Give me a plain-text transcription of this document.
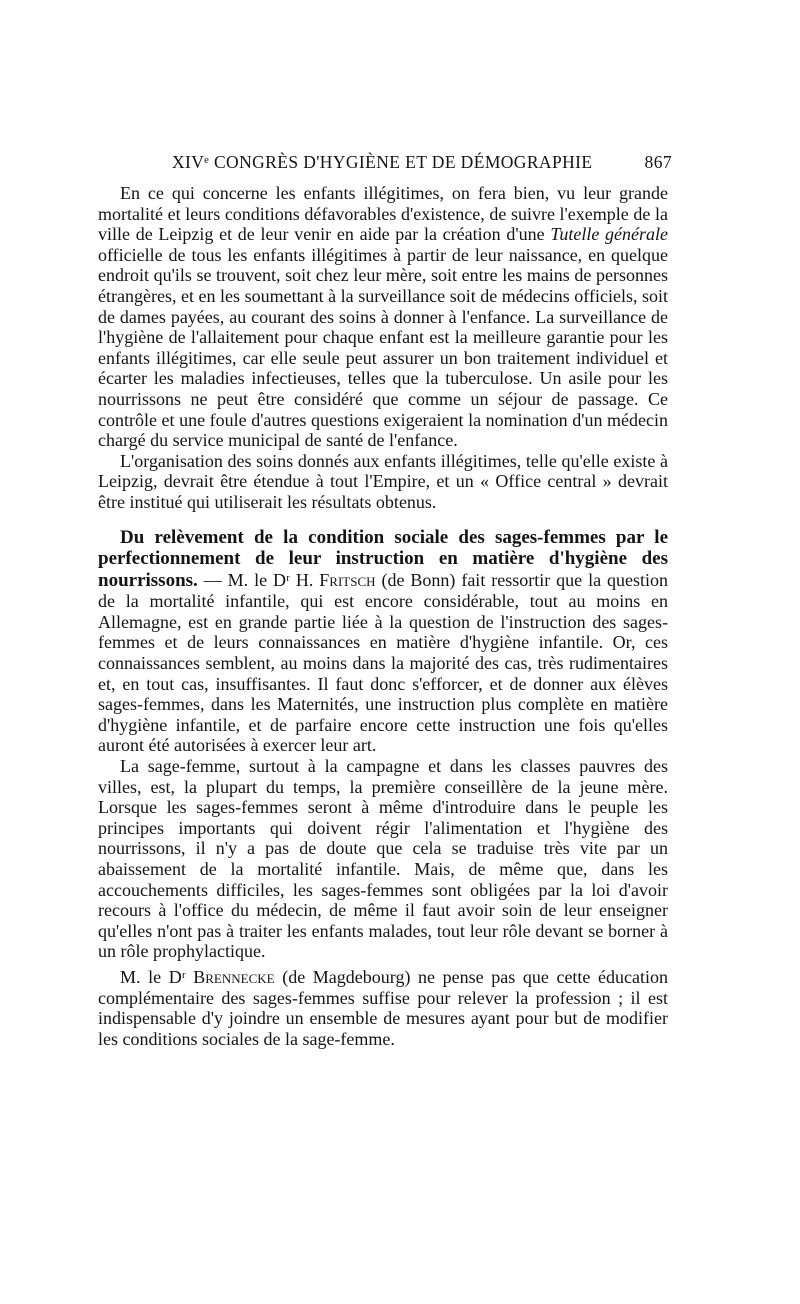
XIVᵉ CONGRÈS D'HYGIÈNE ET DE DÉMOGRAPHIE	867

En ce qui concerne les enfants illégitimes, on fera bien, vu leur grande mortalité et leurs conditions défavorables d'existence, de suivre l'exemple de la ville de Leipzig et de leur venir en aide par la création d'une Tutelle générale officielle de tous les enfants illégitimes à partir de leur naissance, en quelque endroit qu'ils se trouvent, soit chez leur mère, soit entre les mains de personnes étrangères, et en les soumettant à la surveillance soit de médecins officiels, soit de dames payées, au courant des soins à donner à l'enfance. La surveillance de l'hygiène de l'allaitement pour chaque enfant est la meilleure garantie pour les enfants illégitimes, car elle seule peut assurer un bon traitement individuel et écarter les maladies infectieuses, telles que la tuberculose. Un asile pour les nourrissons ne peut être considéré que comme un séjour de passage. Ce contrôle et une foule d'autres questions exigeraient la nomination d'un médecin chargé du service municipal de santé de l'enfance.

L'organisation des soins donnés aux enfants illégitimes, telle qu'elle existe à Leipzig, devrait être étendue à tout l'Empire, et un « Office central » devrait être institué qui utiliserait les résultats obtenus.

Du relèvement de la condition sociale des sages-femmes par le perfectionnement de leur instruction en matière d'hygiène des nourrissons. — M. le Dʳ H. Fritsch (de Bonn) fait ressortir que la question de la mortalité infantile, qui est encore considérable, tout au moins en Allemagne, est en grande partie liée à la question de l'instruction des sages-femmes et de leurs connaissances en matière d'hygiène infantile. Or, ces connaissances semblent, au moins dans la majorité des cas, très rudimentaires et, en tout cas, insuffisantes. Il faut donc s'efforcer, et de donner aux élèves sages-femmes, dans les Maternités, une instruction plus complète en matière d'hygiène infantile, et de parfaire encore cette instruction une fois qu'elles auront été autorisées à exercer leur art.

La sage-femme, surtout à la campagne et dans les classes pauvres des villes, est, la plupart du temps, la première conseillère de la jeune mère. Lorsque les sages-femmes seront à même d'introduire dans le peuple les principes importants qui doivent régir l'alimentation et l'hygiène des nourrissons, il n'y a pas de doute que cela se traduise très vite par un abaissement de la mortalité infantile. Mais, de même que, dans les accouchements difficiles, les sages-femmes sont obligées par la loi d'avoir recours à l'office du médecin, de même il faut avoir soin de leur enseigner qu'elles n'ont pas à traiter les enfants malades, tout leur rôle devant se borner à un rôle prophylactique.

M. le Dʳ Brennecke (de Magdebourg) ne pense pas que cette éducation complémentaire des sages-femmes suffise pour relever la profession ; il est indispensable d'y joindre un ensemble de mesures ayant pour but de modifier les conditions sociales de la sage-femme.
